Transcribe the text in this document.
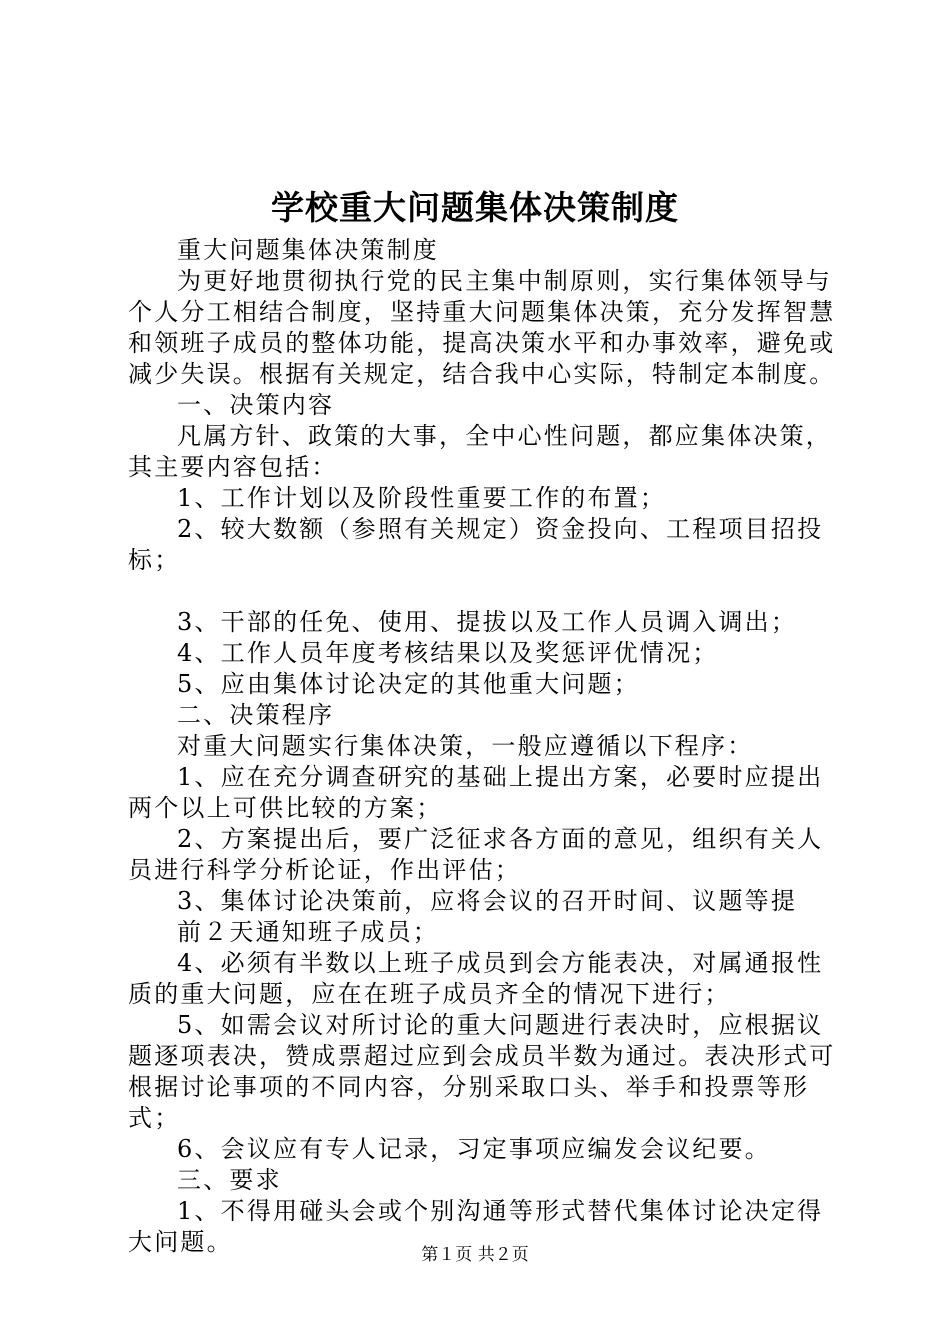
学校重大问题集体决策制度

重大问题集体决策制度

为更好地贯彻执行党的民主集中制原则，实行集体领导与个人分工相结合制度，坚持重大问题集体决策，充分发挥智慧和领班子成员的整体功能，提高决策水平和办事效率，避免或减少失误。根据有关规定，结合我中心实际，特制定本制度。

一、决策内容

凡属方针、政策的大事，全中心性问题，都应集体决策，其主要内容包括：

1、工作计划以及阶段性重要工作的布置；

2、较大数额（参照有关规定）资金投向、工程项目招投标；

3、干部的任免、使用、提拔以及工作人员调入调出；

4、工作人员年度考核结果以及奖惩评优情况；

5、应由集体讨论决定的其他重大问题；

二、决策程序

对重大问题实行集体决策，一般应遵循以下程序：

1、应在充分调查研究的基础上提出方案，必要时应提出两个以上可供比较的方案；

2、方案提出后，要广泛征求各方面的意见，组织有关人员进行科学分析论证，作出评估；

3、集体讨论决策前，应将会议的召开时间、议题等提

前２天通知班子成员；

4、必须有半数以上班子成员到会方能表决，对属通报性质的重大问题，应在在班子成员齐全的情况下进行；

5、如需会议对所讨论的重大问题进行表决时，应根据议题逐项表决，赞成票超过应到会成员半数为通过。表决形式可根据讨论事项的不同内容，分别采取口头、举手和投票等形式；

6、会议应有专人记录，习定事项应编发会议纪要。

三、要求

1、不得用碰头会或个别沟通等形式替代集体讨论决定得大问题。	第１页 共２页
